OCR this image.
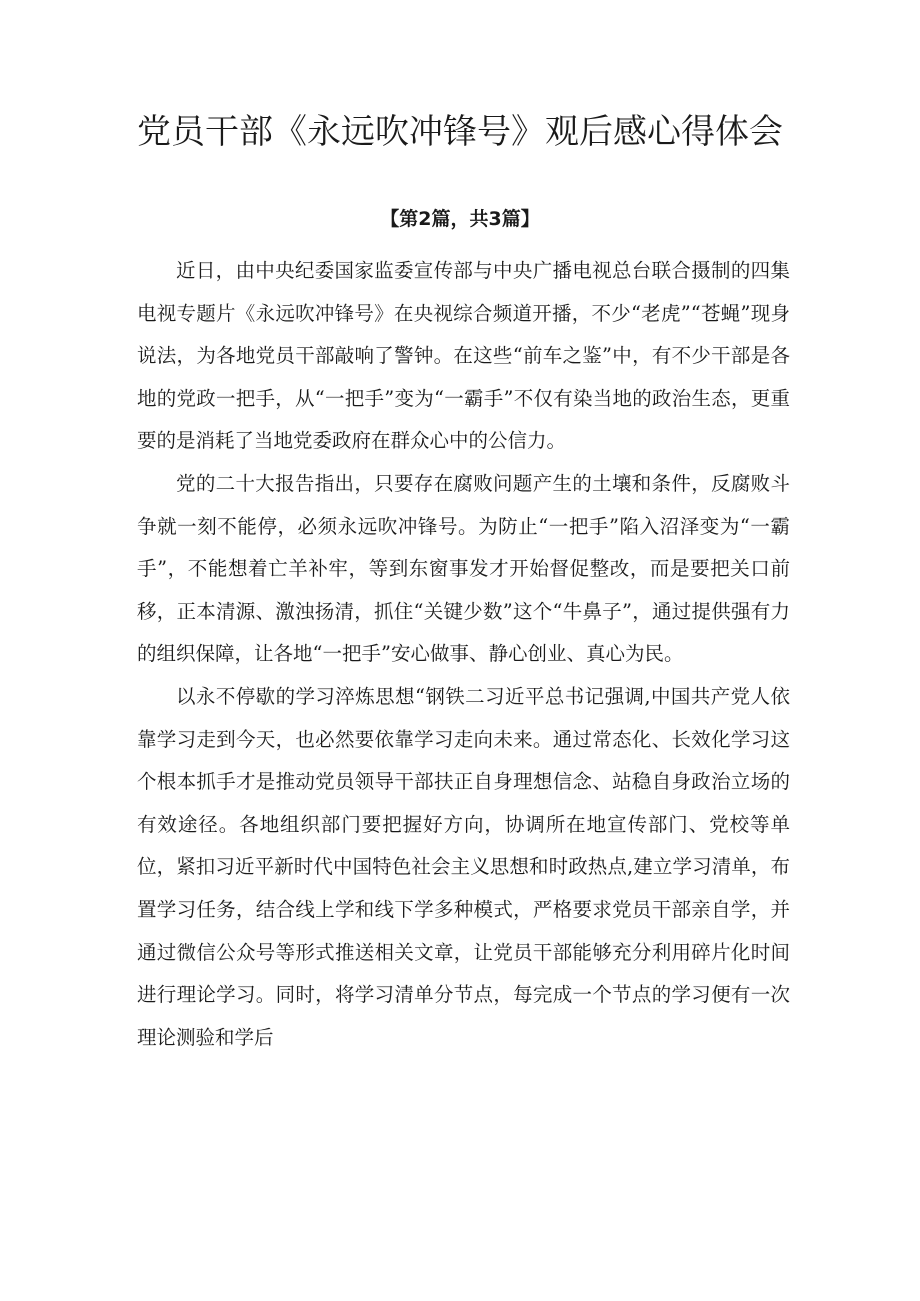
党员干部《永远吹冲锋号》观后感心得体会
【第2篇，共3篇】

近日，由中央纪委国家监委宣传部与中央广播电视总台联合摄制的四集电视专题片《永远吹冲锋号》在央视综合频道开播，不少“老虎”“苍蝇”现身说法，为各地党员干部敲响了警钟。在这些“前车之鉴”中，有不少干部是各地的党政一把手，从“一把手”变为“一霸手”不仅有染当地的政治生态，更重要的是消耗了当地党委政府在群众心中的公信力。

党的二十大报告指出，只要存在腐败问题产生的土壤和条件，反腐败斗争就一刻不能停，必须永远吹冲锋号。为防止“一把手”陷入沼泽变为“一霸手”，不能想着亡羊补牢，等到东窗事发才开始督促整改，而是要把关口前移，正本清源、激浊扬清，抓住“关键少数”这个“牛鼻子”，通过提供强有力的组织保障，让各地“一把手”安心做事、静心创业、真心为民。

以永不停歇的学习淬炼思想“钢铁二习近平总书记强调,中国共产党人依靠学习走到今天，也必然要依靠学习走向未来。通过常态化、长效化学习这个根本抓手才是推动党员领导干部扶正自身理想信念、站稳自身政治立场的有效途径。各地组织部门要把握好方向，协调所在地宣传部门、党校等单位，紧扣习近平新时代中国特色社会主义思想和时政热点,建立学习清单，布置学习任务，结合线上学和线下学多种模式，严格要求党员干部亲自学，并通过微信公众号等形式推送相关文章，让党员干部能够充分利用碎片化时间进行理论学习。同时，将学习清单分节点，每完成一个节点的学习便有一次理论测验和学后
